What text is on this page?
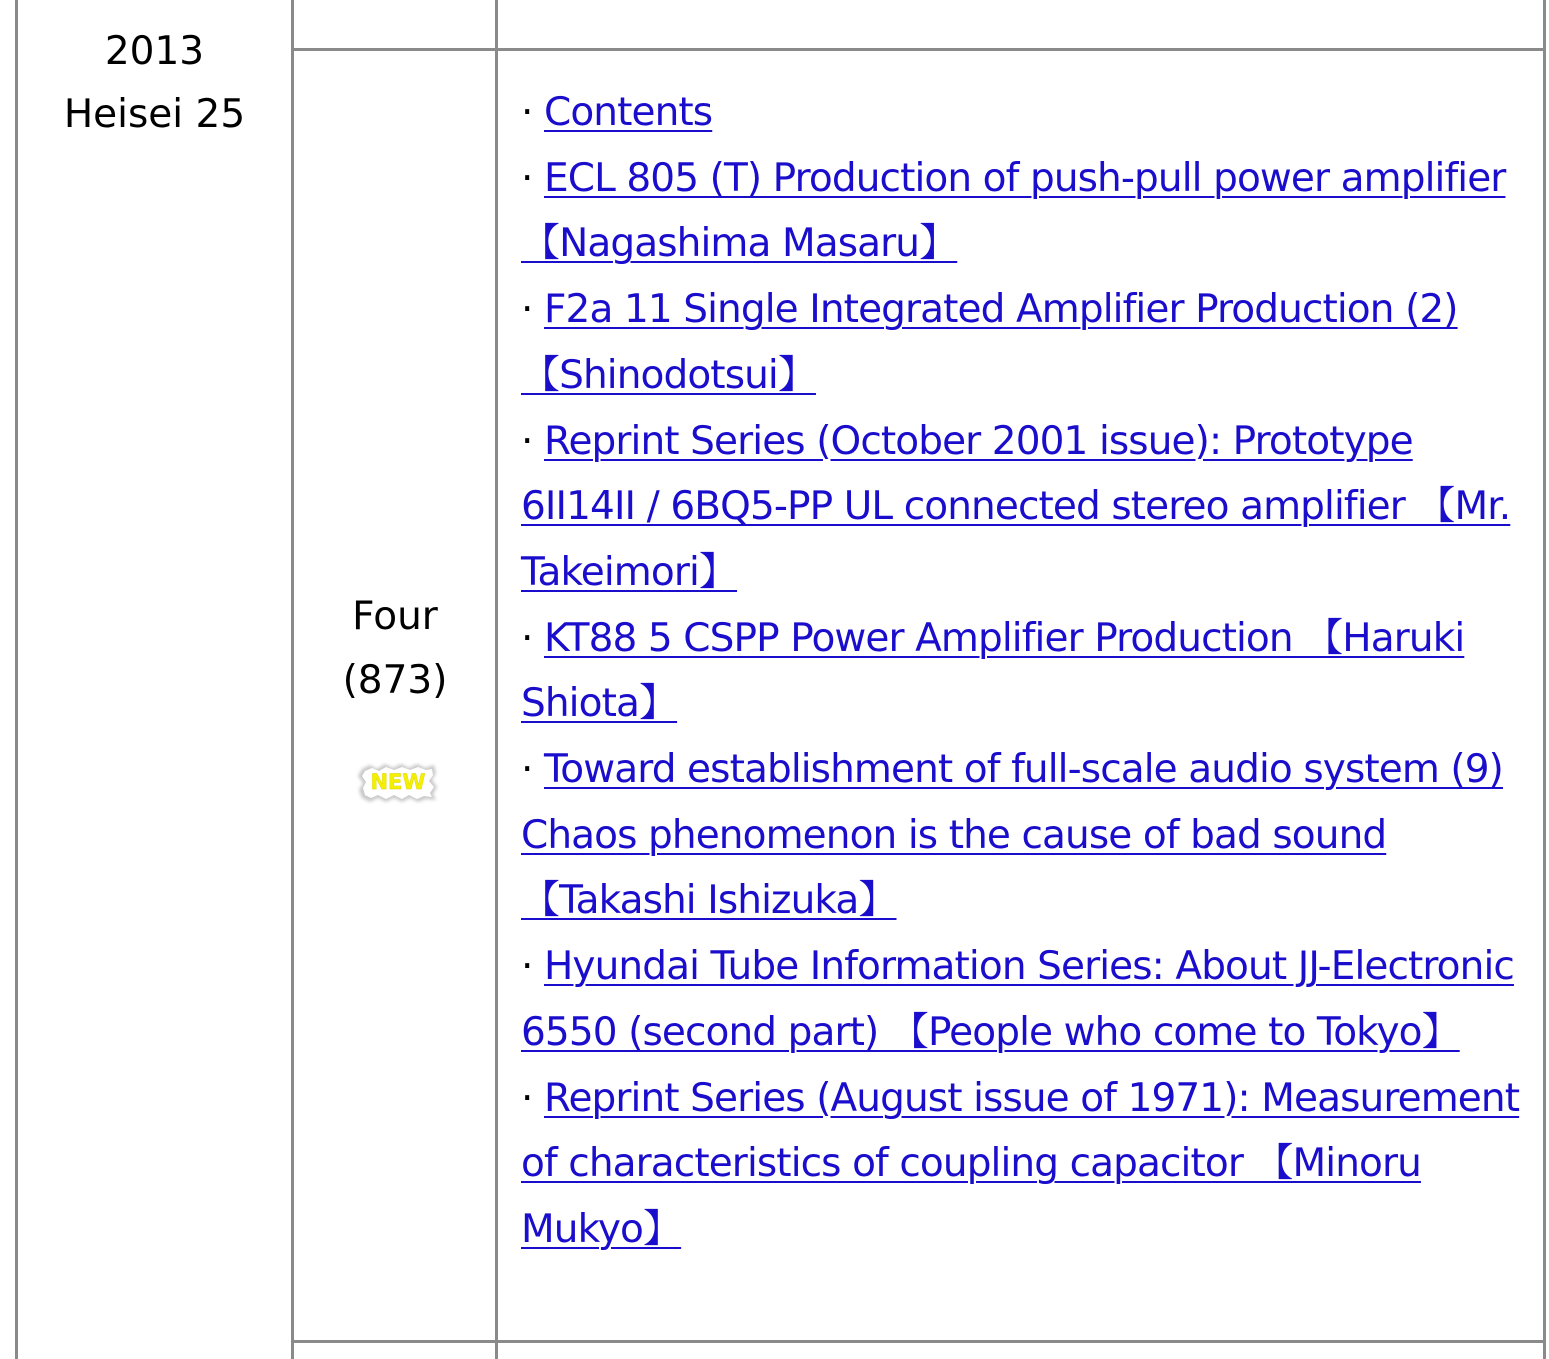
2013
Heisei 25
Four
(873)
NEW
· Contents
· ECL 805 (T) Production of push-pull power amplifier 【Nagashima Masaru】
· F2a 11 Single Integrated Amplifier Production (2) 【Shinodotsui】
· Reprint Series (October 2001 issue): Prototype 6II14II / 6BQ5-PP UL connected stereo amplifier 【Mr. Takeimori】
· KT88 5 CSPP Power Amplifier Production 【Haruki Shiota】
· Toward establishment of full-scale audio system (9) Chaos phenomenon is the cause of bad sound 【Takashi Ishizuka】
· Hyundai Tube Information Series: About JJ-Electronic 6550 (second part) 【People who come to Tokyo】
· Reprint Series (August issue of 1971): Measurement of characteristics of coupling capacitor 【Minoru Mukyo】
